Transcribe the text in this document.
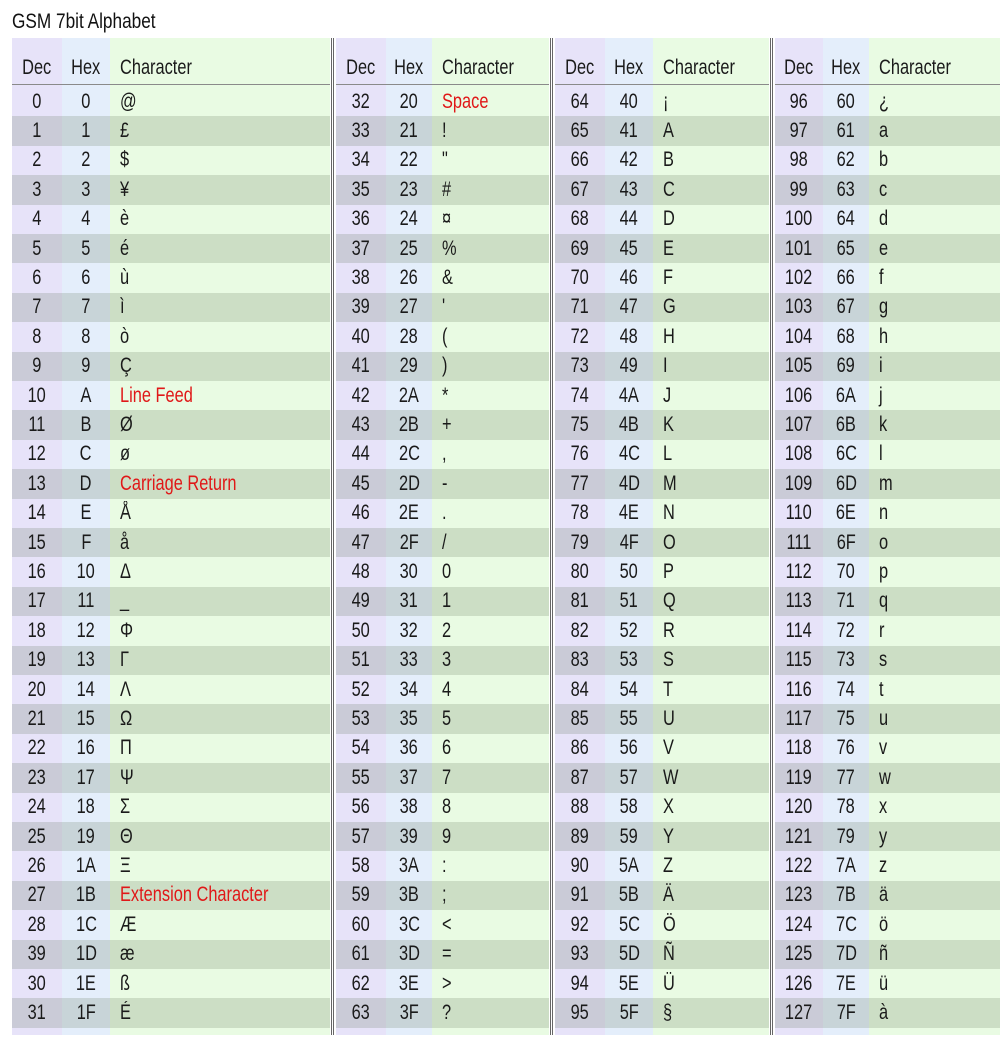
GSM 7bit Alphabet
Dec Hex Character
0 0 @
1 1 £
2 2 $
3 3 ¥
4 4 è
5 5 é
6 6 ù
7 7 ì
8 8 ò
9 9 Ç
10 A Line Feed
11 B Ø
12 C ø
13 D Carriage Return
14 E Å
15 F å
16 10 Δ
17 11 _
18 12 Φ
19 13 Γ
20 14 Λ
21 15 Ω
22 16 Π
23 17 Ψ
24 18 Σ
25 19 Θ
26 1A Ξ
27 1B Extension Character
28 1C Æ
39 1D æ
30 1E ß
31 1F É
Dec Hex Character
32 20 Space
33 21 !
34 22 "
35 23 #
36 24 ¤
37 25 %
38 26 &
39 27 '
40 28 (
41 29 )
42 2A *
43 2B +
44 2C ,
45 2D -
46 2E .
47 2F /
48 30 0
49 31 1
50 32 2
51 33 3
52 34 4
53 35 5
54 36 6
55 37 7
56 38 8
57 39 9
58 3A :
59 3B ;
60 3C <
61 3D =
62 3E >
63 3F ?
Dec Hex Character
64 40 ¡
65 41 A
66 42 B
67 43 C
68 44 D
69 45 E
70 46 F
71 47 G
72 48 H
73 49 I
74 4A J
75 4B K
76 4C L
77 4D M
78 4E N
79 4F O
80 50 P
81 51 Q
82 52 R
83 53 S
84 54 T
85 55 U
86 56 V
87 57 W
88 58 X
89 59 Y
90 5A Z
91 5B Ä
92 5C Ö
93 5D Ñ
94 5E Ü
95 5F §
Dec Hex Character
96 60 ¿
97 61 a
98 62 b
99 63 c
100 64 d
101 65 e
102 66 f
103 67 g
104 68 h
105 69 i
106 6A j
107 6B k
108 6C l
109 6D m
110 6E n
111 6F o
112 70 p
113 71 q
114 72 r
115 73 s
116 74 t
117 75 u
118 76 v
119 77 w
120 78 x
121 79 y
122 7A z
123 7B ä
124 7C ö
125 7D ñ
126 7E ü
127 7F à
